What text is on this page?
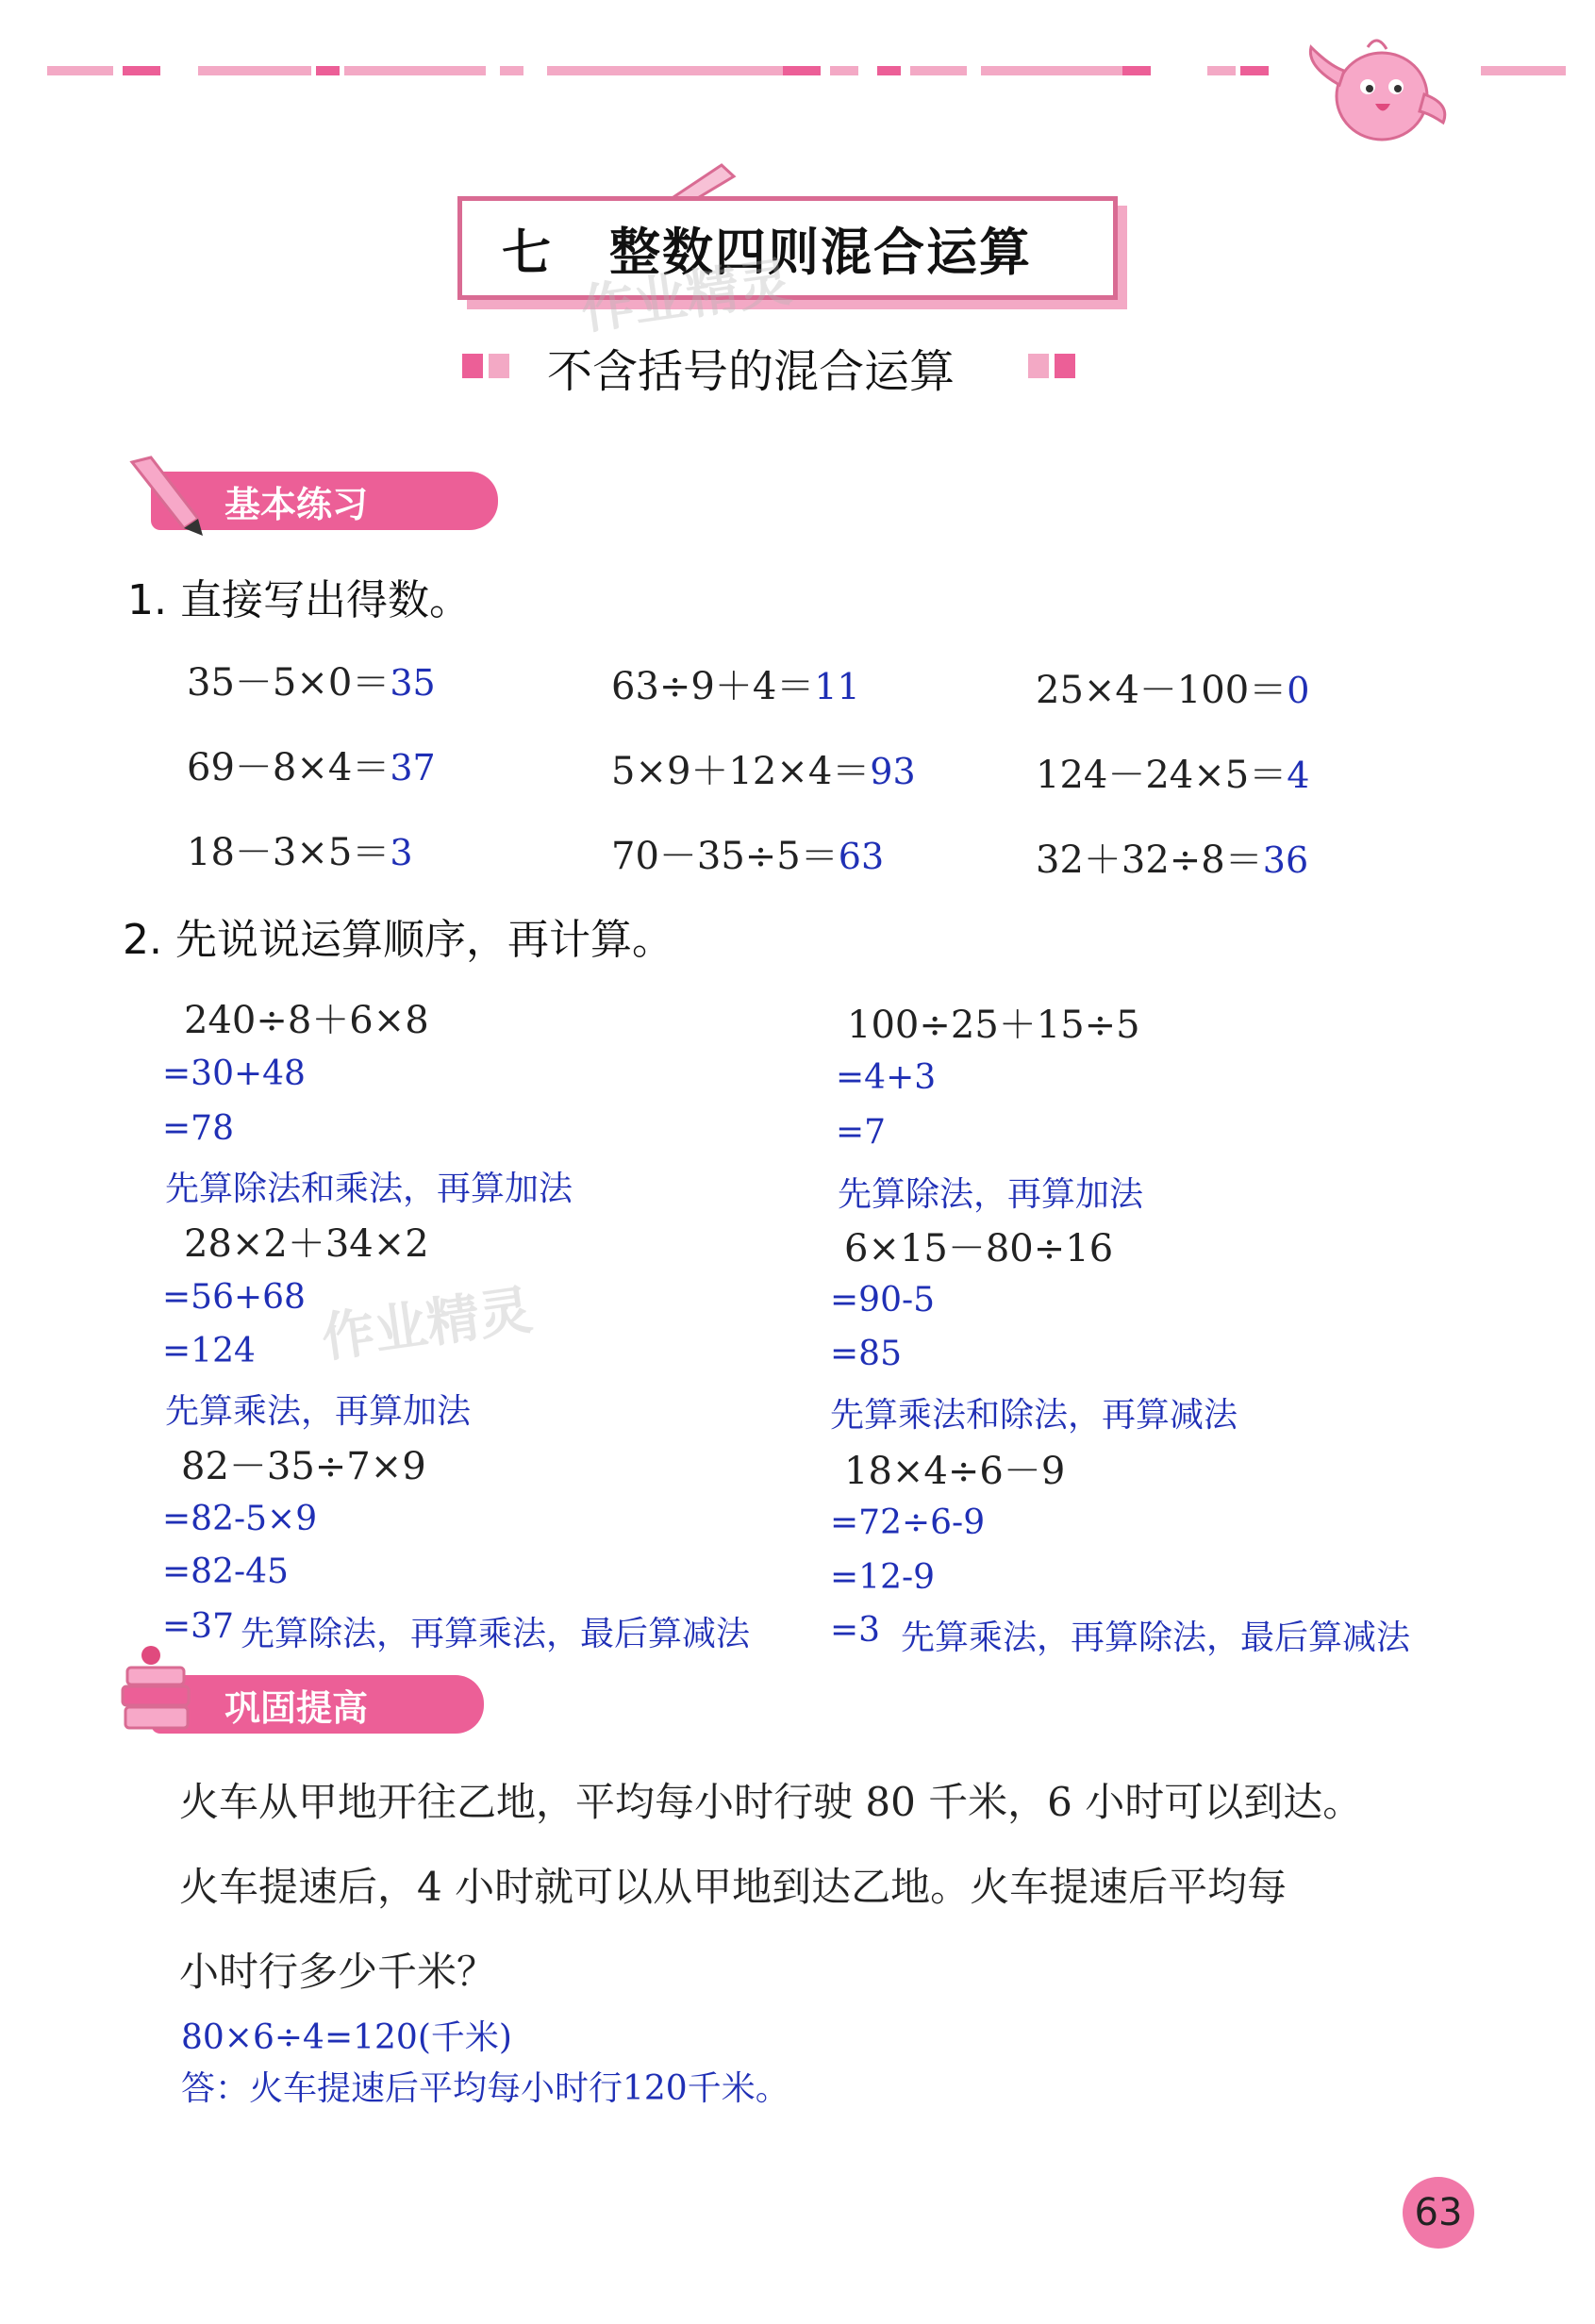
七 整数四则混合运算
作业精灵
不含括号的混合运算
基本练习
1. 直接写出得数。
35－5×0＝35	63÷9＋4＝11	25×4－100＝0
69－8×4＝37	5×9＋12×4＝93	124－24×5＝4
18－3×5＝3	70－35÷5＝63	32＋32÷8＝36
2. 先说说运算顺序，再计算。
240÷8＋6×8
=30+48
=78
先算除法和乘法，再算加法
100÷25＋15÷5
=4+3
=7
先算除法，再算加法
28×2＋34×2
=56+68
=124
先算乘法，再算加法
作业精灵
6×15－80÷16
=90-5
=85
先算乘法和除法，再算减法
82－35÷7×9
=82-5×9
=82-45
=37 先算除法，再算乘法，最后算减法
18×4÷6－9
=72÷6-9
=12-9
=3 先算乘法，再算除法，最后算减法
巩固提高
火车从甲地开往乙地，平均每小时行驶 80 千米，6 小时可以到达。
火车提速后，4 小时就可以从甲地到达乙地。火车提速后平均每
小时行多少千米？
80×6÷4=120(千米)
答：火车提速后平均每小时行120千米。
63
